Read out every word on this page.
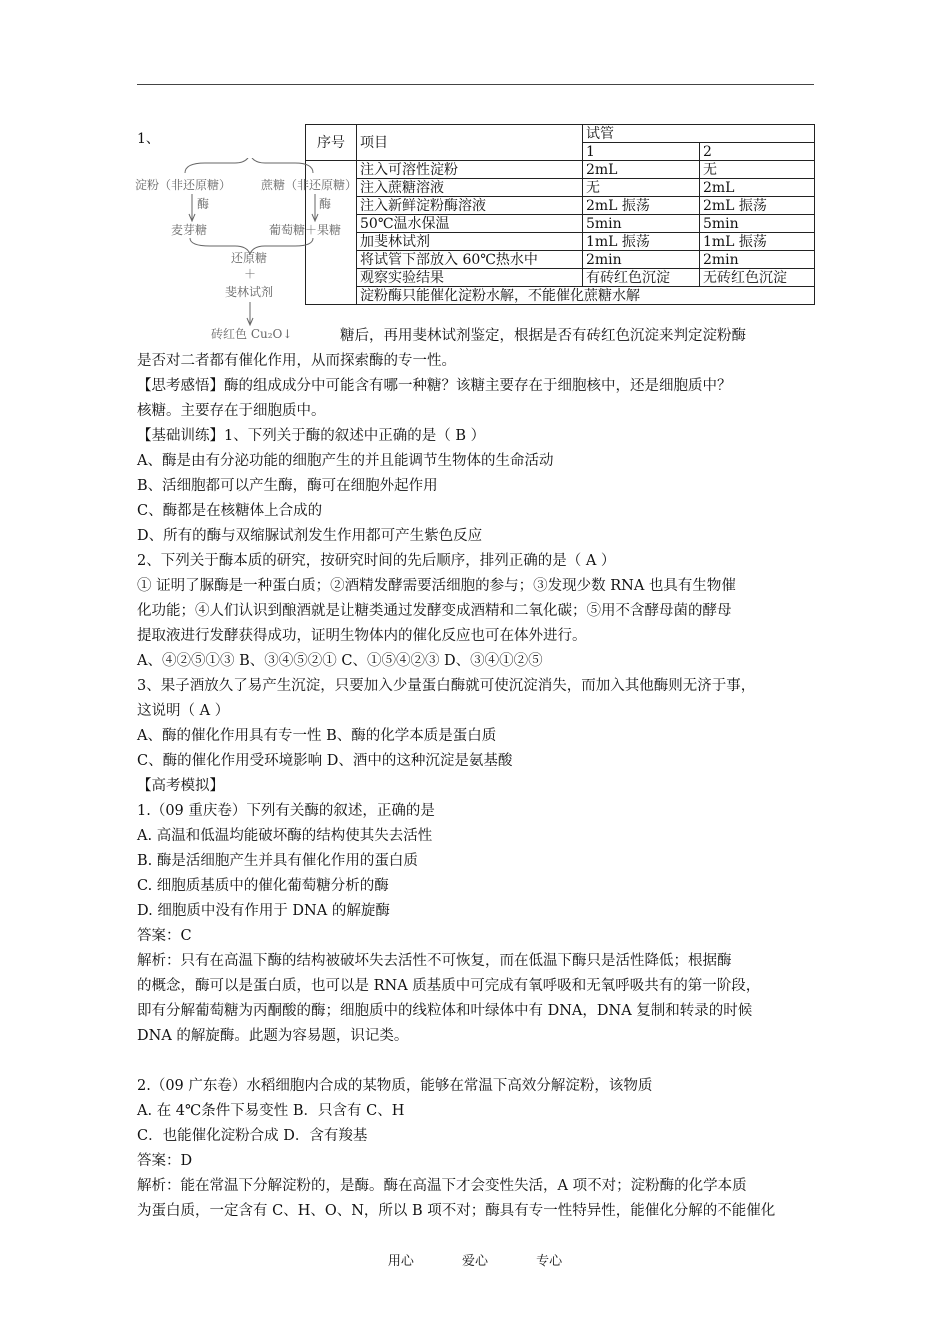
1、	序号	项目	试管	
		1	2
	注入可溶性淀粉	2mL	无
	注入蔗糖溶液	无	2mL
	注入新鲜淀粉酶溶液	2mL 振荡	2mL 振荡
	50℃温水保温	5min	5min
	加斐林试剂	1mL 振荡	1mL 振荡
	将试管下部放入 60℃热水中	2min	2min
	观察实验结果	有砖红色沉淀	无砖红色沉淀
	淀粉酶只能催化淀粉水解，不能催化蔗糖水解		
淀粉（非还原糖） 蔗糖（非还原糖）
酶	酶
麦芽糖	葡萄糖＋果糖
还原糖
＋
斐林试剂
砖红色 Cu₂O↓	糖后，再用斐林试剂鉴定，根据是否有砖红色沉淀来判定淀粉酶
是否对二者都有催化作用，从而探索酶的专一性。
【思考感悟】酶的组成成分中可能含有哪一种糖？该糖主要存在于细胞核中，还是细胞质中？
核糖。主要存在于细胞质中。
【基础训练】1、下列关于酶的叙述中正确的是（ B ）
A、酶是由有分泌功能的细胞产生的并且能调节生物体的生命活动
B、活细胞都可以产生酶，酶可在细胞外起作用
C、酶都是在核糖体上合成的
D、所有的酶与双缩脲试剂发生作用都可产生紫色反应
2、下列关于酶本质的研究，按研究时间的先后顺序，排列正确的是（ A ）
① 证明了脲酶是一种蛋白质；②酒精发酵需要活细胞的参与；③发现少数 RNA 也具有生物催
化功能；④人们认识到酿酒就是让糖类通过发酵变成酒精和二氧化碳；⑤用不含酵母菌的酵母
提取液进行发酵获得成功，证明生物体内的催化反应也可在体外进行。
A、④②⑤①③ B、③④⑤②① C、①⑤④②③ D、③④①②⑤
3、果子酒放久了易产生沉淀，只要加入少量蛋白酶就可使沉淀消失，而加入其他酶则无济于事，
这说明（ A ）
A、酶的催化作用具有专一性 B、酶的化学本质是蛋白质
C、酶的催化作用受环境影响 D、酒中的这种沉淀是氨基酸
【高考模拟】
1.（09 重庆卷）下列有关酶的叙述，正确的是
A. 高温和低温均能破坏酶的结构使其失去活性
B. 酶是活细胞产生并具有催化作用的蛋白质
C. 细胞质基质中的催化葡萄糖分析的酶
D. 细胞质中没有作用于 DNA 的解旋酶
答案：C
解析：只有在高温下酶的结构被破坏失去活性不可恢复，而在低温下酶只是活性降低；根据酶
的概念，酶可以是蛋白质，也可以是 RNA 质基质中可完成有氧呼吸和无氧呼吸共有的第一阶段，
即有分解葡萄糖为丙酮酸的酶；细胞质中的线粒体和叶绿体中有 DNA，DNA 复制和转录的时候
DNA 的解旋酶。此题为容易题，识记类。
2.（09 广东卷）水稻细胞内合成的某物质，能够在常温下高效分解淀粉，该物质
A. 在 4℃条件下易变性 B．只含有 C、H
C．也能催化淀粉合成 D．含有羧基
答案：D
解析：能在常温下分解淀粉的，是酶。酶在高温下才会变性失活，A 项不对；淀粉酶的化学本质
为蛋白质，一定含有 C、H、O、N，所以 B 项不对；酶具有专一性特异性，能催化分解的不能催化
用心	爱心	专心
